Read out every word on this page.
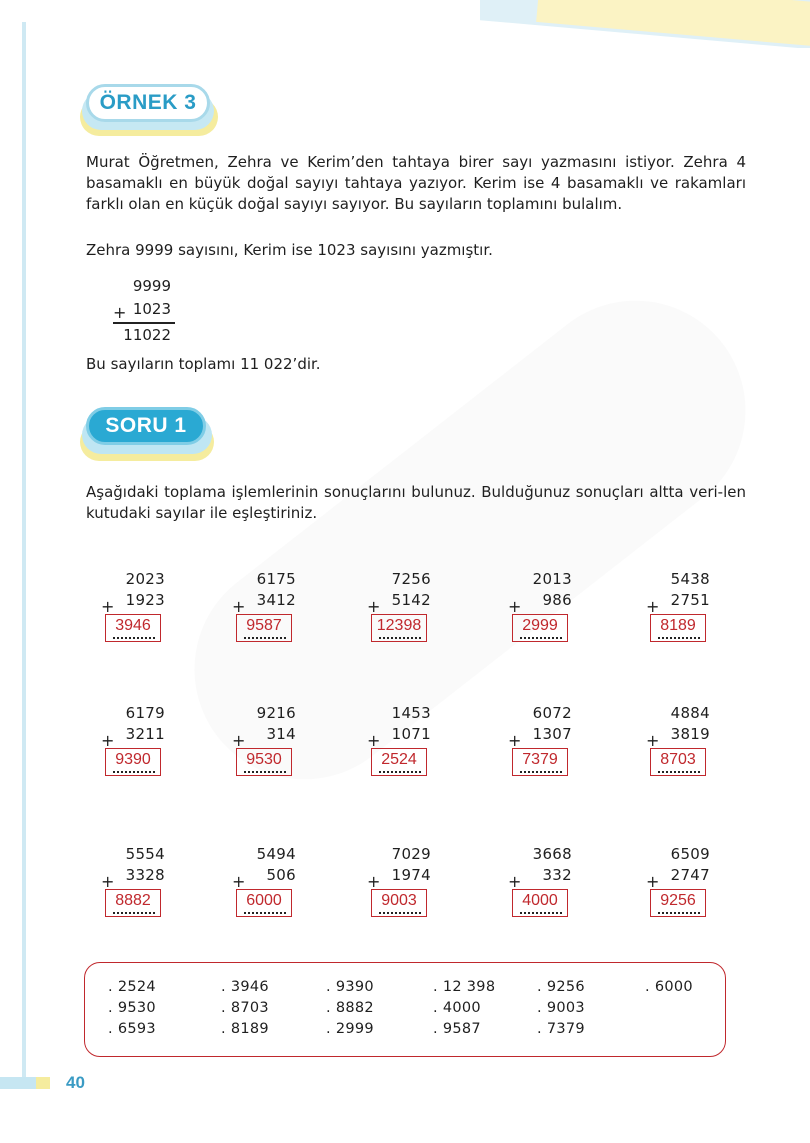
ÖRNEK 3

Murat Öğretmen, Zehra ve Kerim’den tahtaya birer sayı yazmasını istiyor. Zehra 4 basamaklı en büyük doğal sayıyı tahtaya yazıyor. Kerim ise 4 basamaklı ve rakamları farklı olan en küçük doğal sayıyı sayıyor. Bu sayıların toplamını bulalım.

Zehra 9999 sayısını, Kerim ise 1023 sayısını yazmıştır.

9999
1023
+
11022

Bu sayıların toplamı 11 022’dir.

SORU 1

Aşağıdaki toplama işlemlerinin sonuçlarını bulunuz. Bulduğunuz sonuçları altta veri-len kutudaki sayılar ile eşleştiriniz.

2023
1923
+
3946
6175
3412
+
9587
7256
5142
+
12398
2013
986
+
2999
5438
2751
+
8189
6179
3211
+
9390
9216
314
+
9530
1453
1071
+
2524
6072
1307
+
7379
4884
3819
+
8703
5554
3328
+
8882
5494
506
+
6000
7029
1974
+
9003
3668
332
+
4000
6509
2747
+
9256
. 2524	. 3946	. 9390	. 12 398	. 9256	. 6000
. 9530	. 8703	. 8882	. 4000	. 9003
. 6593	. 8189	. 2999	. 9587	. 7379
40
